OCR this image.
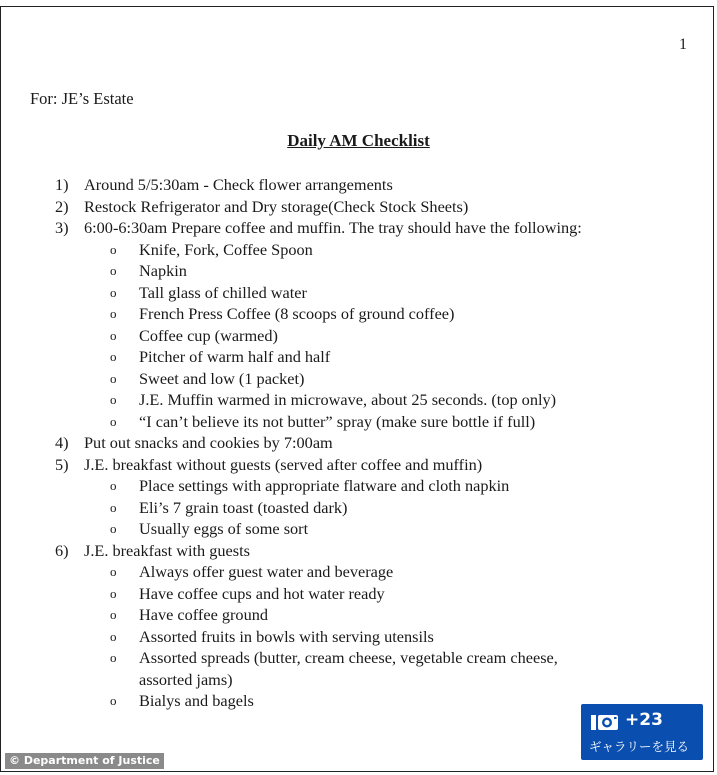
1
For: JE’s Estate
Daily AM Checklist
1) Around 5/5:30am - Check flower arrangements
2) Restock Refrigerator and Dry storage(Check Stock Sheets)
3) 6:00-6:30am Prepare coffee and muffin. The tray should have the following:
o Knife, Fork, Coffee Spoon
o Napkin
o Tall glass of chilled water
o French Press Coffee (8 scoops of ground coffee)
o Coffee cup (warmed)
o Pitcher of warm half and half
o Sweet and low (1 packet)
o J.E. Muffin warmed in microwave, about 25 seconds. (top only)
o “I can’t believe its not butter” spray (make sure bottle if full)
4) Put out snacks and cookies by 7:00am
5) J.E. breakfast without guests (served after coffee and muffin)
o Place settings with appropriate flatware and cloth napkin
o Eli’s 7 grain toast (toasted dark)
o Usually eggs of some sort
6) J.E. breakfast with guests
o Always offer guest water and beverage
o Have coffee cups and hot water ready
o Have coffee ground
o Assorted fruits in bowls with serving utensils
o Assorted spreads (butter, cream cheese, vegetable cream cheese,
assorted jams)
o Bialys and bagels
+23
ギャラリーを見る
© Department of Justice
